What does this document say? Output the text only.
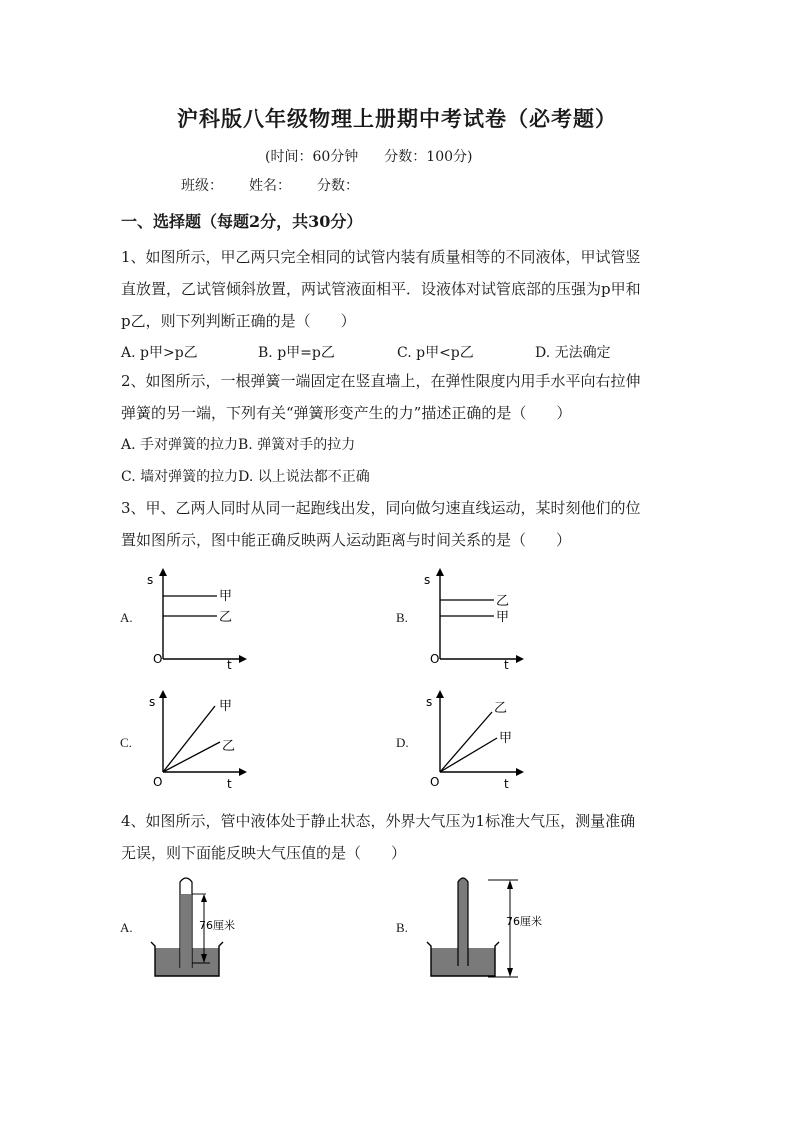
沪科版八年级物理上册期中考试卷（必考题）
(时间：60分钟 分数：100分)
班级： 姓名： 分数：
一、选择题（每题2分，共30分）
1、如图所示，甲乙两只完全相同的试管内装有质量相等的不同液体，甲试管竖
直放置，乙试管倾斜放置，两试管液面相平．设液体对试管底部的压强为p甲和
p乙，则下列判断正确的是（　　）
A. p甲>p乙	B. p甲=p乙	C. p甲<p乙	D. 无法确定
2、如图所示，一根弹簧一端固定在竖直墙上，在弹性限度内用手水平向右拉伸
弹簧的另一端，下列有关“弹簧形变产生的力”描述正确的是（　　）
A. 手对弹簧的拉力B. 弹簧对手的拉力
C. 墙对弹簧的拉力D. 以上说法都不正确
3、甲、乙两人同时从同一起跑线出发，同向做匀速直线运动，某时刻他们的位
置如图所示，图中能正确反映两人运动距离与时间关系的是（　　）
A.
s
t
O
甲
乙	B.
s
t
O
乙
甲
C.
s
t
O
甲
乙	D.
s
t
O
乙
甲
4、如图所示，管中液体处于静止状态，外界大气压为1标准大气压，测量准确
无误，则下面能反映大气压值的是（　　）
A.	76厘米	B.	76厘米
